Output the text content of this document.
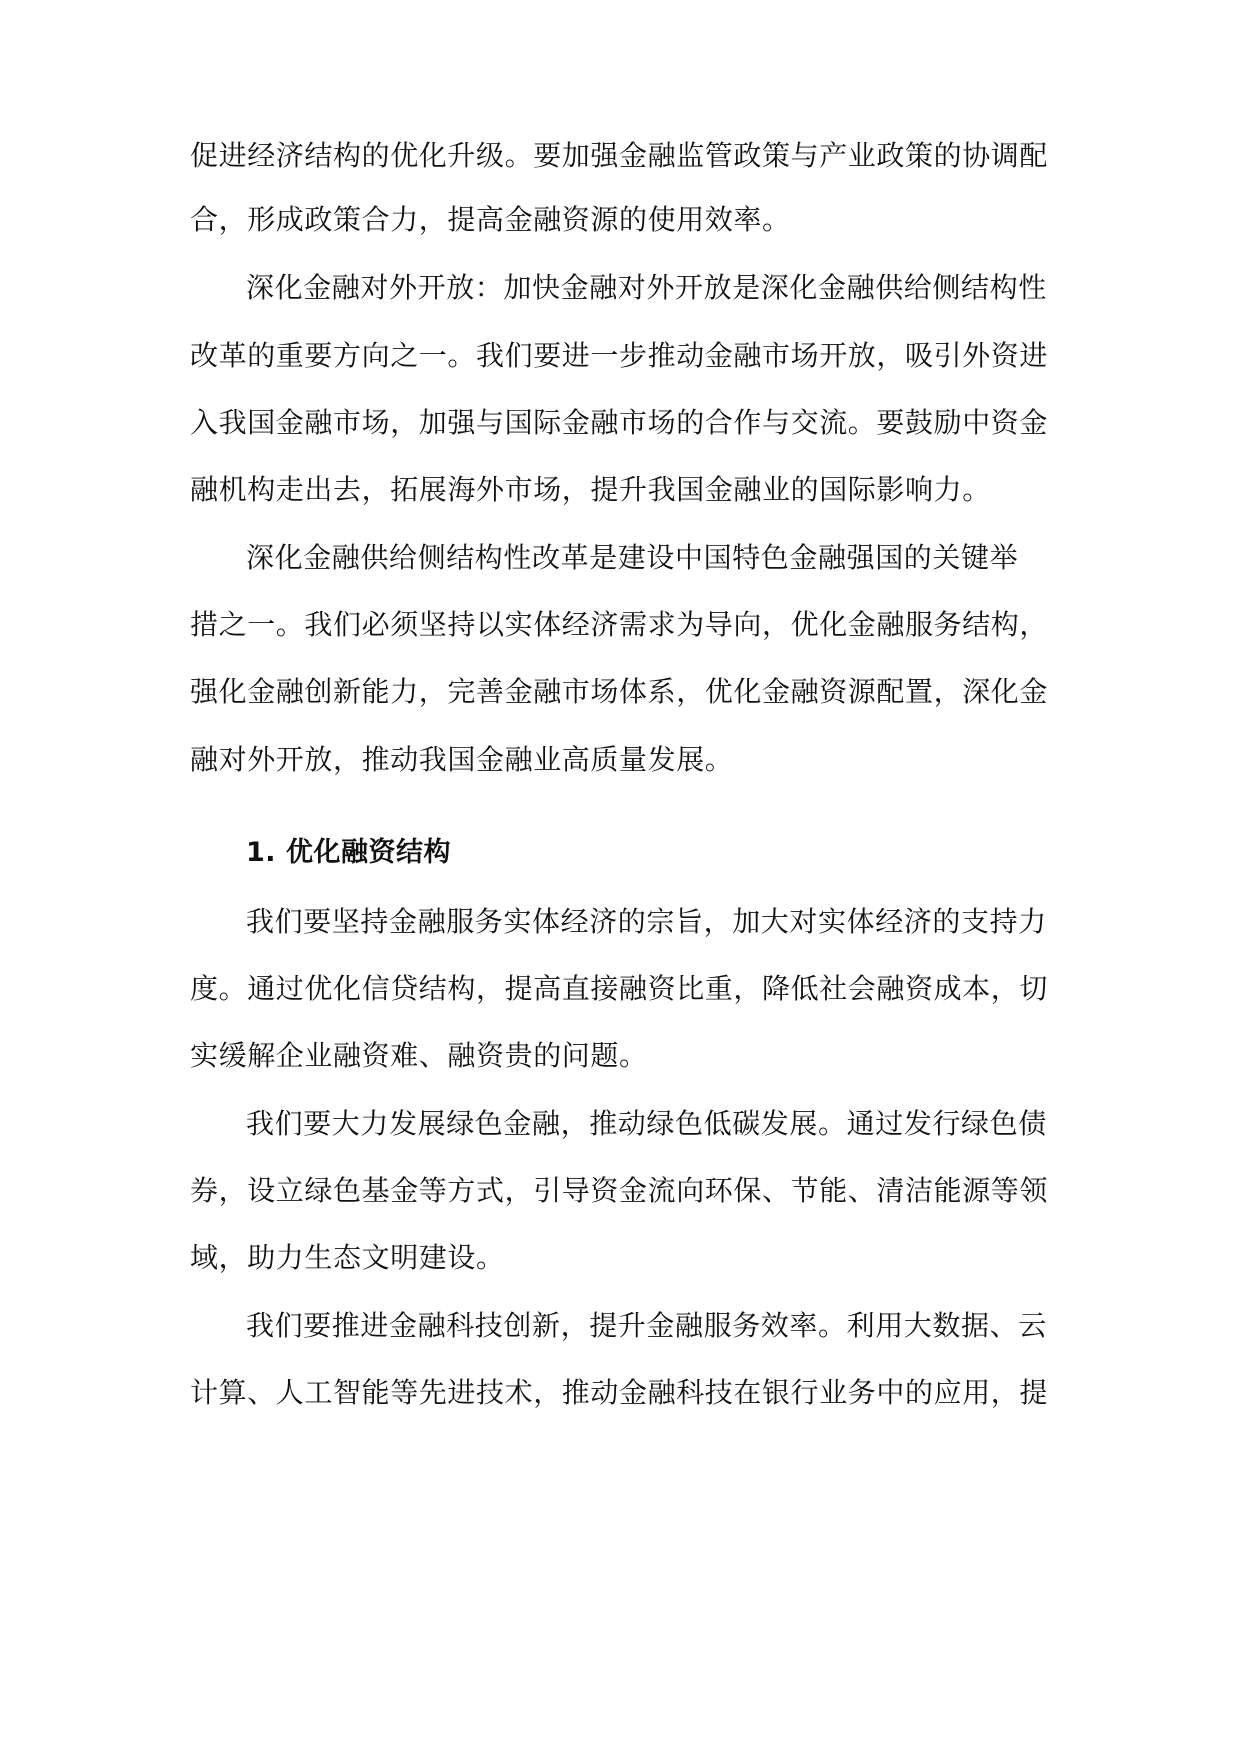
促进经济结构的优化升级。要加强金融监管政策与产业政策的协调配
合，形成政策合力，提高金融资源的使用效率。
深化金融对外开放：加快金融对外开放是深化金融供给侧结构性
改革的重要方向之一。我们要进一步推动金融市场开放，吸引外资进
入我国金融市场，加强与国际金融市场的合作与交流。要鼓励中资金
融机构走出去，拓展海外市场，提升我国金融业的国际影响力。
深化金融供给侧结构性改革是建设中国特色金融强国的关键举
措之一。我们必须坚持以实体经济需求为导向，优化金融服务结构，
强化金融创新能力，完善金融市场体系，优化金融资源配置，深化金
融对外开放，推动我国金融业高质量发展。
1. 优化融资结构
我们要坚持金融服务实体经济的宗旨，加大对实体经济的支持力
度。通过优化信贷结构，提高直接融资比重，降低社会融资成本，切
实缓解企业融资难、融资贵的问题。
我们要大力发展绿色金融，推动绿色低碳发展。通过发行绿色债
券，设立绿色基金等方式，引导资金流向环保、节能、清洁能源等领
域，助力生态文明建设。
我们要推进金融科技创新，提升金融服务效率。利用大数据、云
计算、人工智能等先进技术，推动金融科技在银行业务中的应用，提
